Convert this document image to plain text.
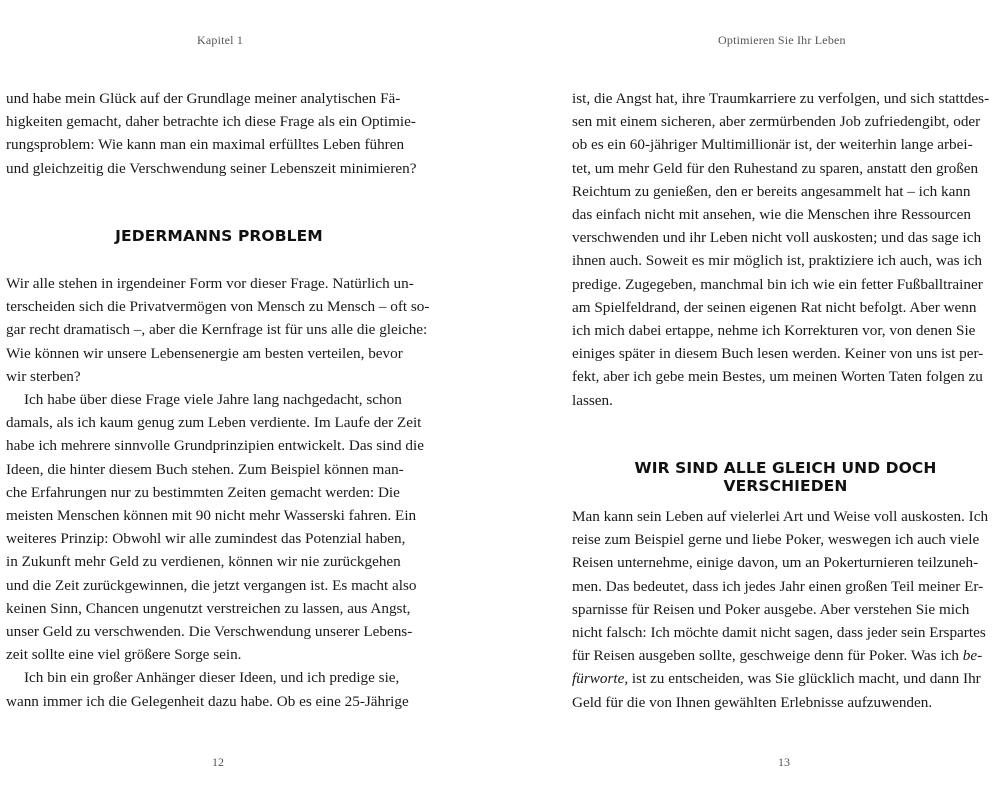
Kapitel 1

und habe mein Glück auf der Grundlage meiner analytischen Fä-
higkeiten gemacht, daher betrachte ich diese Frage als ein Optimie-
rungsproblem: Wie kann man ein maximal erfülltes Leben führen
und gleichzeitig die Verschwendung seiner Lebenszeit minimieren?

JEDERMANNS PROBLEM

Wir alle stehen in irgendeiner Form vor dieser Frage. Natürlich un-
terscheiden sich die Privatvermögen von Mensch zu Mensch – oft so-
gar recht dramatisch –, aber die Kernfrage ist für uns alle die gleiche:
Wie können wir unsere Lebensenergie am besten verteilen, bevor
wir sterben?

Ich habe über diese Frage viele Jahre lang nachgedacht, schon
damals, als ich kaum genug zum Leben verdiente. Im Laufe der Zeit
habe ich mehrere sinnvolle Grundprinzipien entwickelt. Das sind die
Ideen, die hinter diesem Buch stehen. Zum Beispiel können man-
che Erfahrungen nur zu bestimmten Zeiten gemacht werden: Die
meisten Menschen können mit 90 nicht mehr Wasserski fahren. Ein
weiteres Prinzip: Obwohl wir alle zumindest das Potenzial haben,
in Zukunft mehr Geld zu verdienen, können wir nie zurückgehen
und die Zeit zurückgewinnen, die jetzt vergangen ist. Es macht also
keinen Sinn, Chancen ungenutzt verstreichen zu lassen, aus Angst,
unser Geld zu verschwenden. Die Verschwendung unserer Lebens-
zeit sollte eine viel größere Sorge sein.

Ich bin ein großer Anhänger dieser Ideen, und ich predige sie,
wann immer ich die Gelegenheit dazu habe. Ob es eine 25-Jährige

12
Optimieren Sie Ihr Leben

ist, die Angst hat, ihre Traumkarriere zu verfolgen, und sich stattdes-
sen mit einem sicheren, aber zermürbenden Job zufriedengibt, oder
ob es ein 60-jähriger Multimillionär ist, der weiterhin lange arbei-
tet, um mehr Geld für den Ruhestand zu sparen, anstatt den großen
Reichtum zu genießen, den er bereits angesammelt hat – ich kann
das einfach nicht mit ansehen, wie die Menschen ihre Ressourcen
verschwenden und ihr Leben nicht voll auskosten; und das sage ich
ihnen auch. Soweit es mir möglich ist, praktiziere ich auch, was ich
predige. Zugegeben, manchmal bin ich wie ein fetter Fußballtrainer
am Spielfeldrand, der seinen eigenen Rat nicht befolgt. Aber wenn
ich mich dabei ertappe, nehme ich Korrekturen vor, von denen Sie
einiges später in diesem Buch lesen werden. Keiner von uns ist per-
fekt, aber ich gebe mein Bestes, um meinen Worten Taten folgen zu
lassen.

WIR SIND ALLE GLEICH UND DOCH VERSCHIEDEN

Man kann sein Leben auf vielerlei Art und Weise voll auskosten. Ich
reise zum Beispiel gerne und liebe Poker, weswegen ich auch viele
Reisen unternehme, einige davon, um an Pokerturnieren teilzuneh-
men. Das bedeutet, dass ich jedes Jahr einen großen Teil meiner Er-
sparnisse für Reisen und Poker ausgebe. Aber verstehen Sie mich
nicht falsch: Ich möchte damit nicht sagen, dass jeder sein Erspartes
für Reisen ausgeben sollte, geschweige denn für Poker. Was ich be-
fürworte, ist zu entscheiden, was Sie glücklich macht, und dann Ihr
Geld für die von Ihnen gewählten Erlebnisse aufzuwenden.

13
